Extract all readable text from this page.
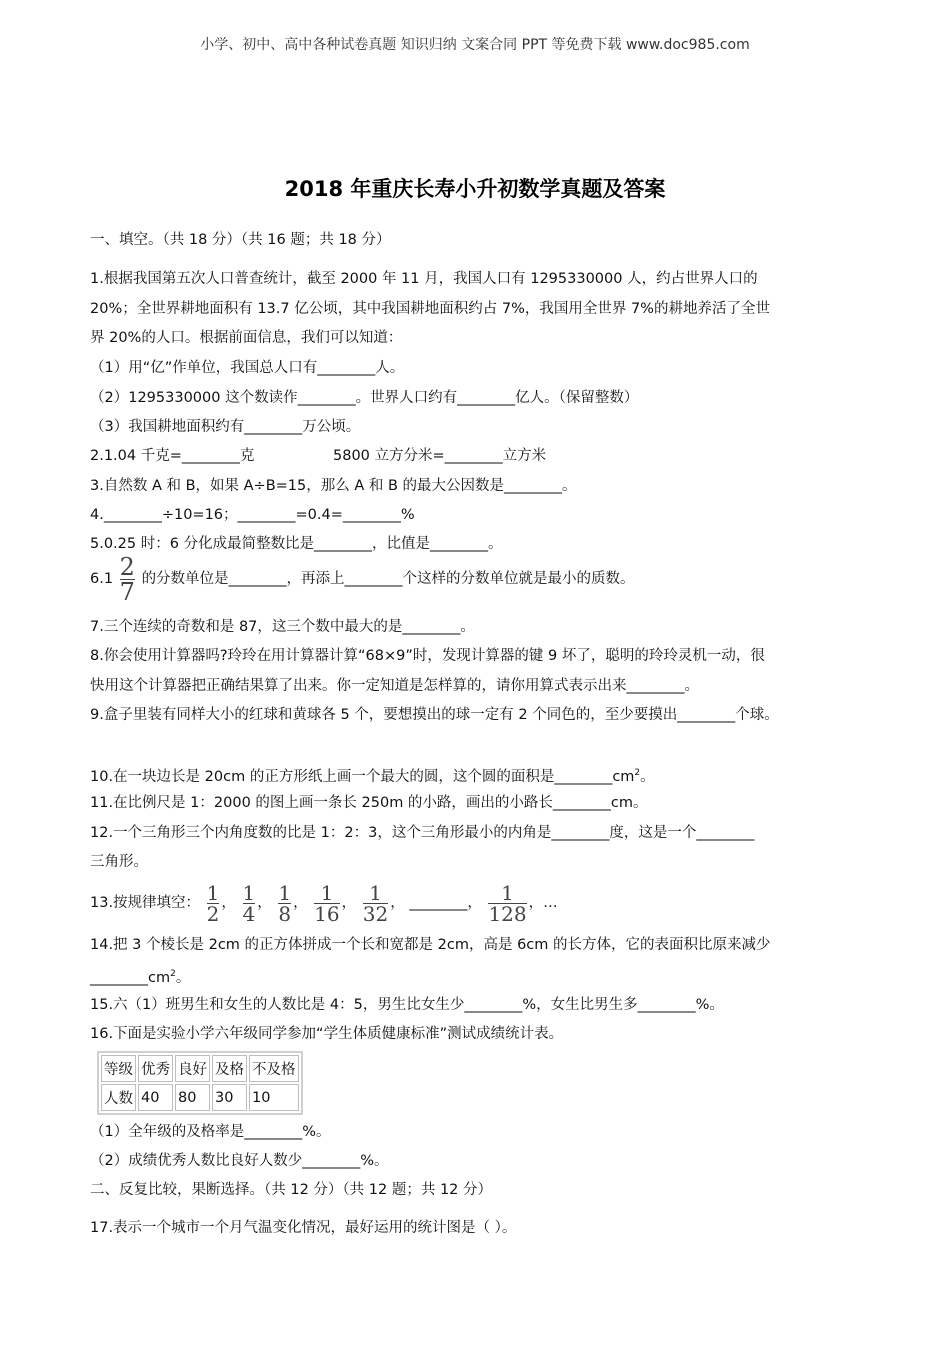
小学、初中、高中各种试卷真题 知识归纳 文案合同 PPT 等免费下载 www.doc985.com
2018 年重庆长寿小升初数学真题及答案
一、填空。（共 18 分）（共 16 题；共 18 分）
1.根据我国第五次人口普查统计，截至 2000 年 11 月，我国人口有 1295330000 人，约占世界人口的
20%；全世界耕地面积有 13.7 亿公顷，其中我国耕地面积约占 7%，我国用全世界 7%的耕地养活了全世
界 20%的人口。根据前面信息，我们可以知道：
（1）用“亿”作单位，我国总人口有________人。
（2）1295330000 这个数读作________。世界人口约有________亿人。（保留整数）
（3）我国耕地面积约有________万公顷。
2.1.04 千克=________克	5800 立方分米=________立方米
3.自然数 A 和 B，如果 A÷B=15，那么 A 和 B 的最大公因数是________。
4.________÷10=16；________=0.4=________%
5.0.25 时：6 分化成最简整数比是________，比值是________。
$6.1 \frac{2}{7}$ 的分数单位是________，再添上________个这样的分数单位就是最小的质数。
7.三个连续的奇数和是 87，这三个数中最大的是________。
8.你会使用计算器吗?玲玲在用计算器计算“68×9”时，发现计算器的键 9 坏了，聪明的玲玲灵机一动，很
快用这个计算器把正确结果算了出来。你一定知道是怎样算的，请你用算式表示出来________。
9.盒子里装有同样大小的红球和黄球各 5 个，要想摸出的球一定有 2 个同色的，至少要摸出________个球。
10.在一块边长是 20cm 的正方形纸上画一个最大的圆，这个圆的面积是$\_\_\_\_\_\_\_\_cm^2$。
11.在比例尺是 1：2000 的图上画一条长 250m 的小路，画出的小路长________cm。
12.一个三角形三个内角度数的比是 1：2：3，这个三角形最小的内角是________度，这是一个________
三角形。
13.按规律填空： $\frac{1}{2}$ ， $\frac{1}{4}$ ， $\frac{1}{8}$ ， $\frac{1}{16}$ ， $\frac{1}{32}$ ， ________， $\frac{1}{128}$ ，…
14.把 3 个棱长是 2cm 的正方体拼成一个长和宽都是 2cm，高是 6cm 的长方体，它的表面积比原来减少
$\_\_\_\_\_\_\_\_cm^2$。
15.六（1）班男生和女生的人数比是 4：5，男生比女生少________%，女生比男生多________%。
16.下面是实验小学六年级同学参加“学生体质健康标准”测试成绩统计表。
等级	优秀	良好	及格	不及格
人数	40	80	30	10
（1）全年级的及格率是________%。
（2）成绩优秀人数比良好人数少________%。
二、反复比较，果断选择。（共 12 分）（共 12 题；共 12 分）
17.表示一个城市一个月气温变化情况，最好运用的统计图是（ ）。
